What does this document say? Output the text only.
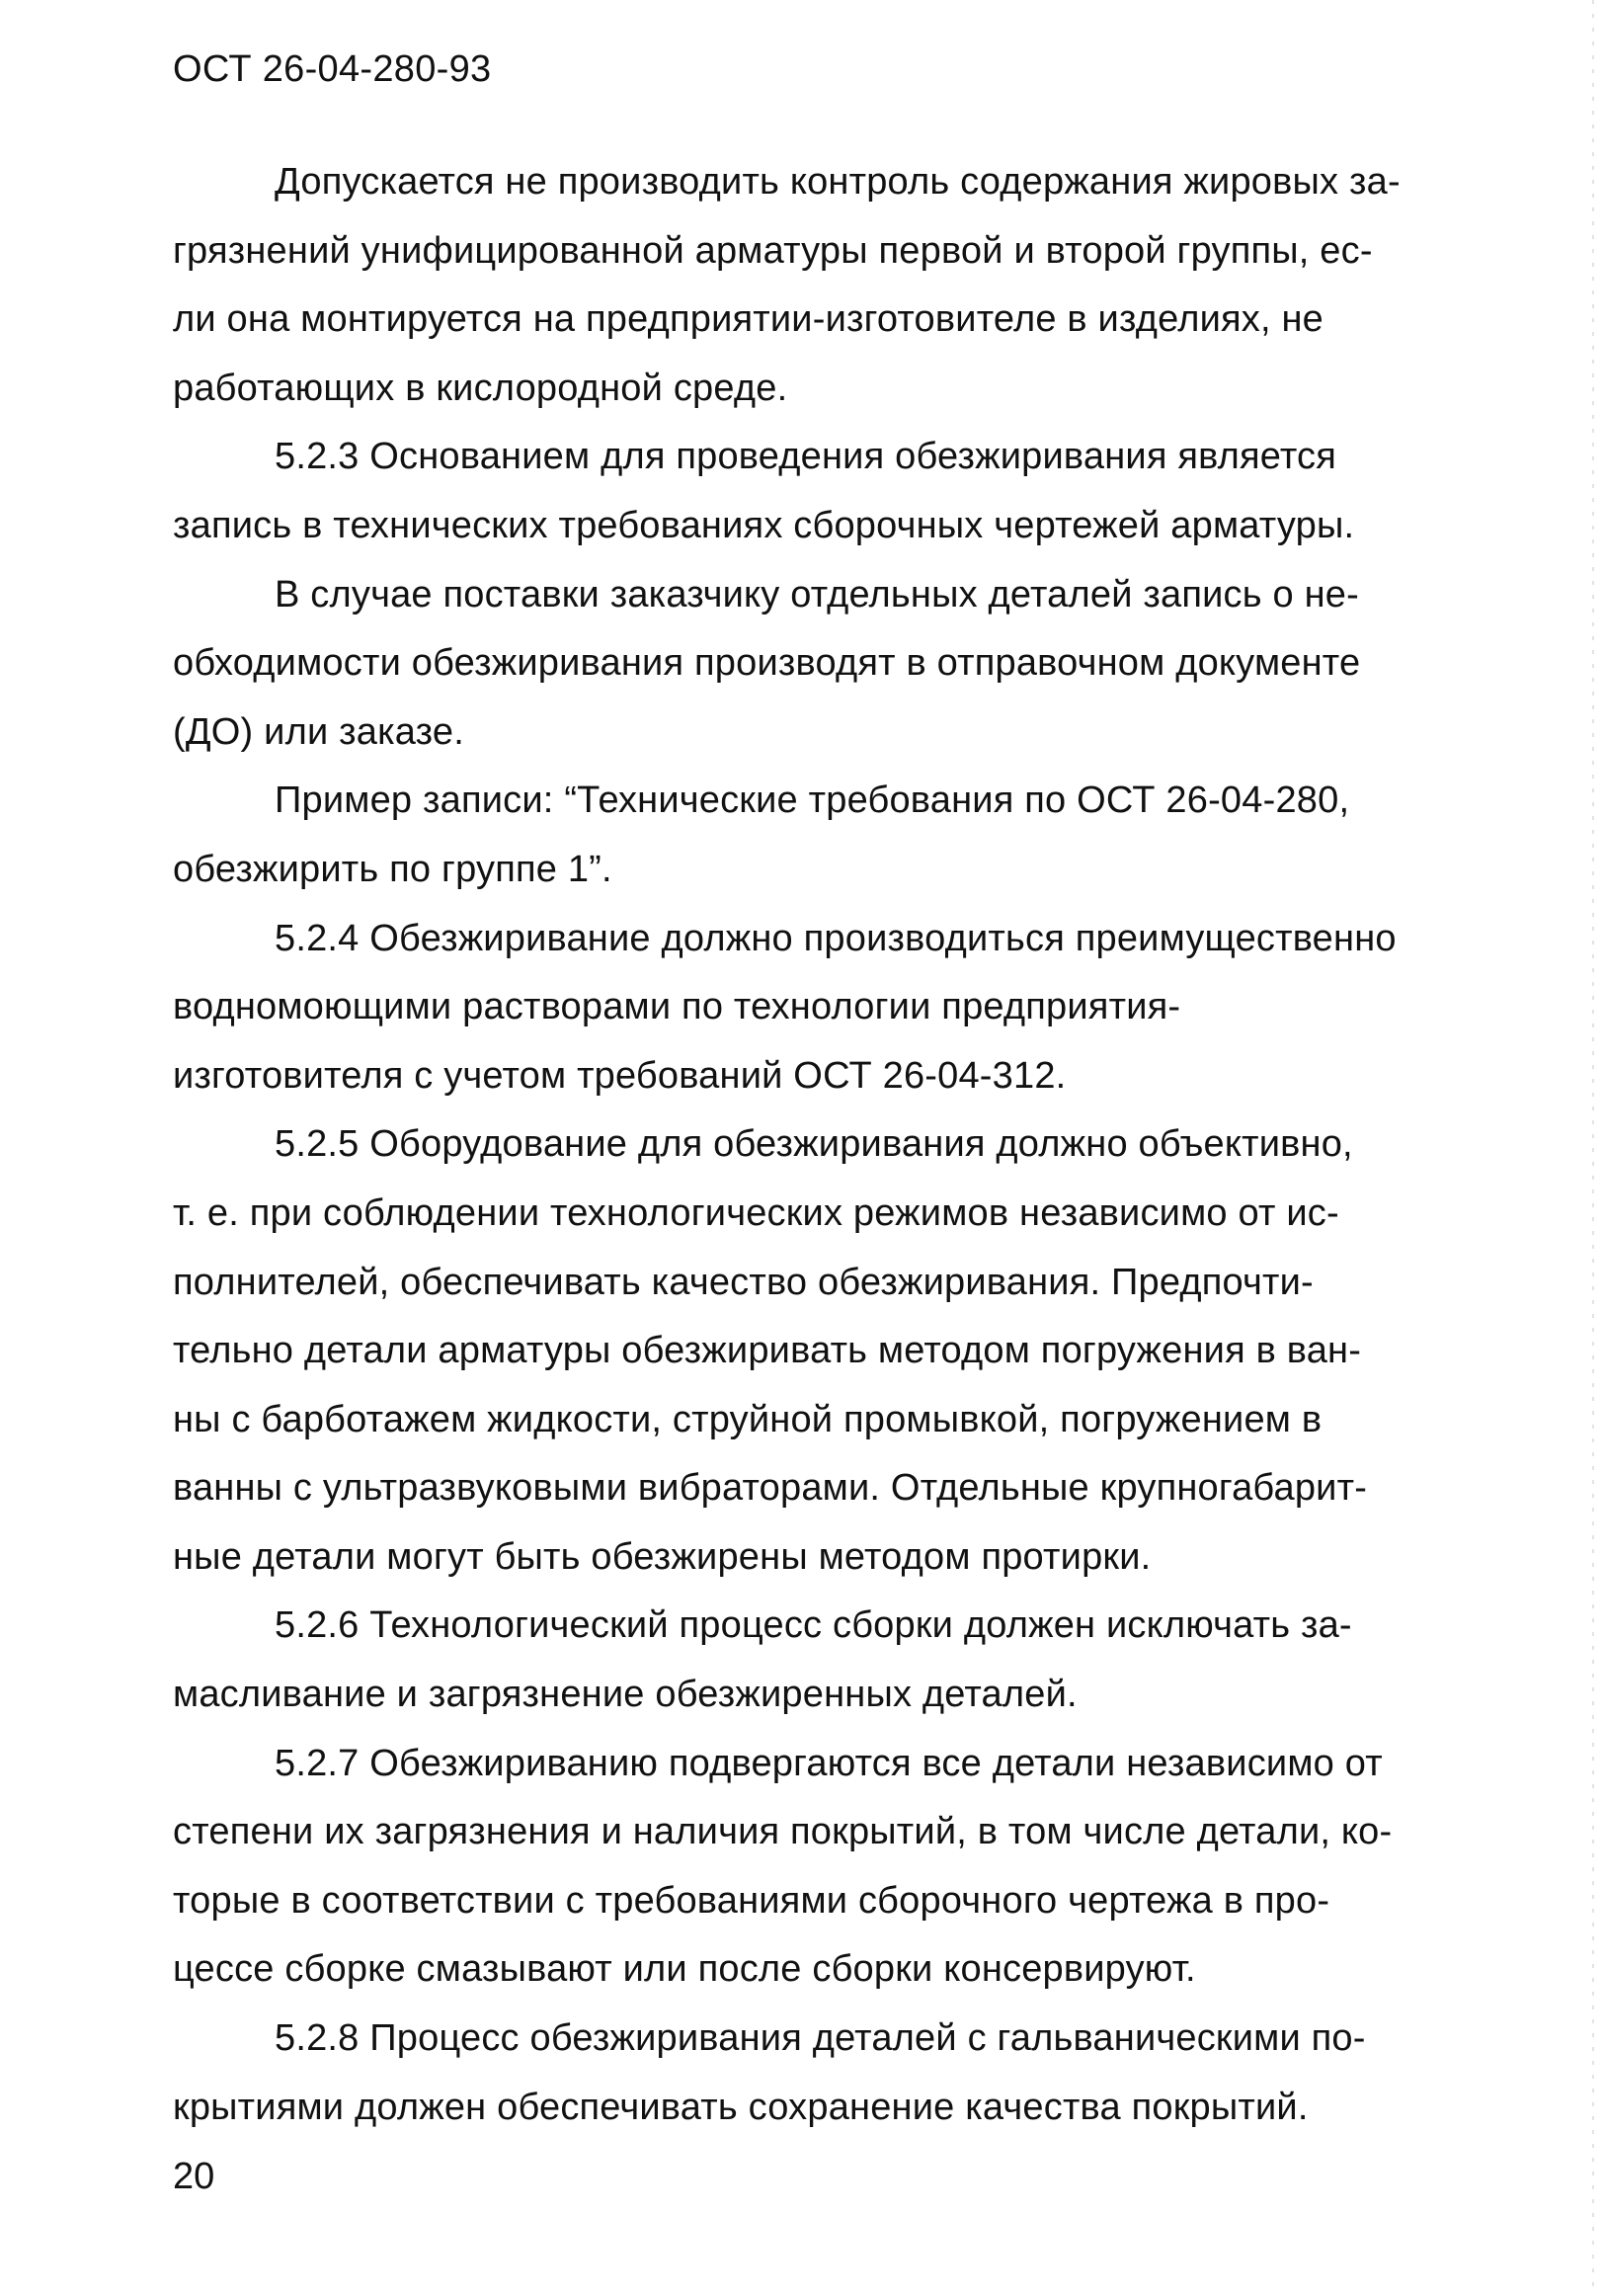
ОСТ 26-04-280-93

Допускается не производить контроль содержания жировых за-
грязнений унифицированной арматуры первой и второй группы, ес-
ли она монтируется на предприятии-изготовителе в изделиях, не
работающих в кислородной среде.

5.2.3 Основанием для проведения обезжиривания является
запись в технических требованиях сборочных чертежей арматуры.

В случае поставки заказчику отдельных деталей запись о не-
обходимости обезжиривания производят в отправочном документе
(ДО) или заказе.

Пример записи: “Технические требования по ОСТ 26-04-280,
обезжирить по группе 1”.

5.2.4 Обезжиривание должно производиться преимущественно
водномоющими растворами по технологии предприятия-
изготовителя с учетом требований ОСТ 26-04-312.

5.2.5 Оборудование для обезжиривания должно объективно,
т. е. при соблюдении технологических режимов независимо от ис-
полнителей, обеспечивать качество обезжиривания. Предпочти-
тельно детали арматуры обезжиривать методом погружения в ван-
ны с барботажем жидкости, струйной промывкой, погружением в
ванны с ультразвуковыми вибраторами. Отдельные крупногабарит-
ные детали могут быть обезжирены методом протирки.

5.2.6 Технологический процесс сборки должен исключать за-
масливание и загрязнение обезжиренных деталей.

5.2.7 Обезжириванию подвергаются все детали независимо от
степени их загрязнения и наличия покрытий, в том числе детали, ко-
торые в соответствии с требованиями сборочного чертежа в про-
цессе сборке смазывают или после сборки консервируют.

5.2.8 Процесс обезжиривания деталей с гальваническими по-
крытиями должен обеспечивать сохранение качества покрытий.

20
